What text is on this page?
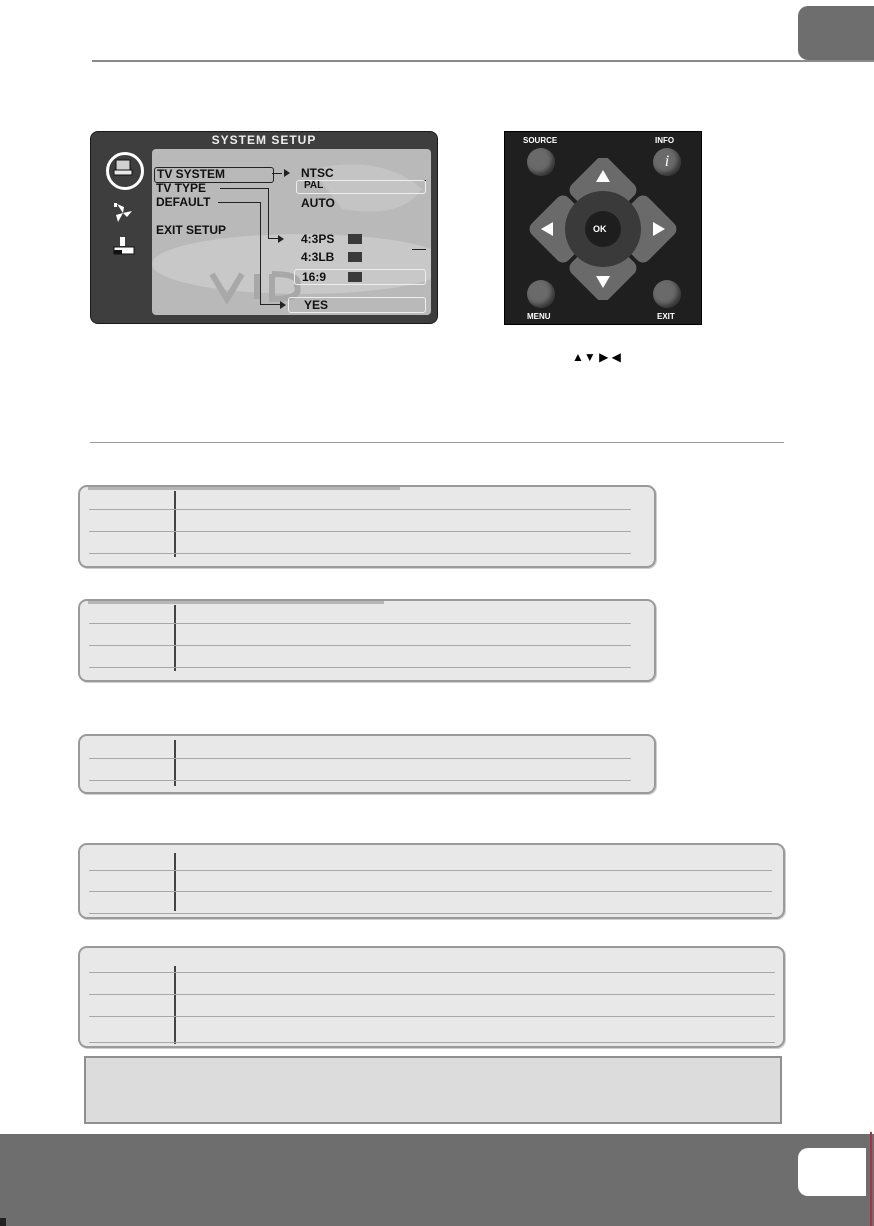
SYSTEM SETUP
TV SYSTEM
TV TYPE
DEFAULT
EXIT SETUP
NTSC
PAL
AUTO
4:3PS
4:3LB
16:9
YES
SOURCE	INFO
i
OK
MENU	EXIT
▲▼ ▶ ◀
